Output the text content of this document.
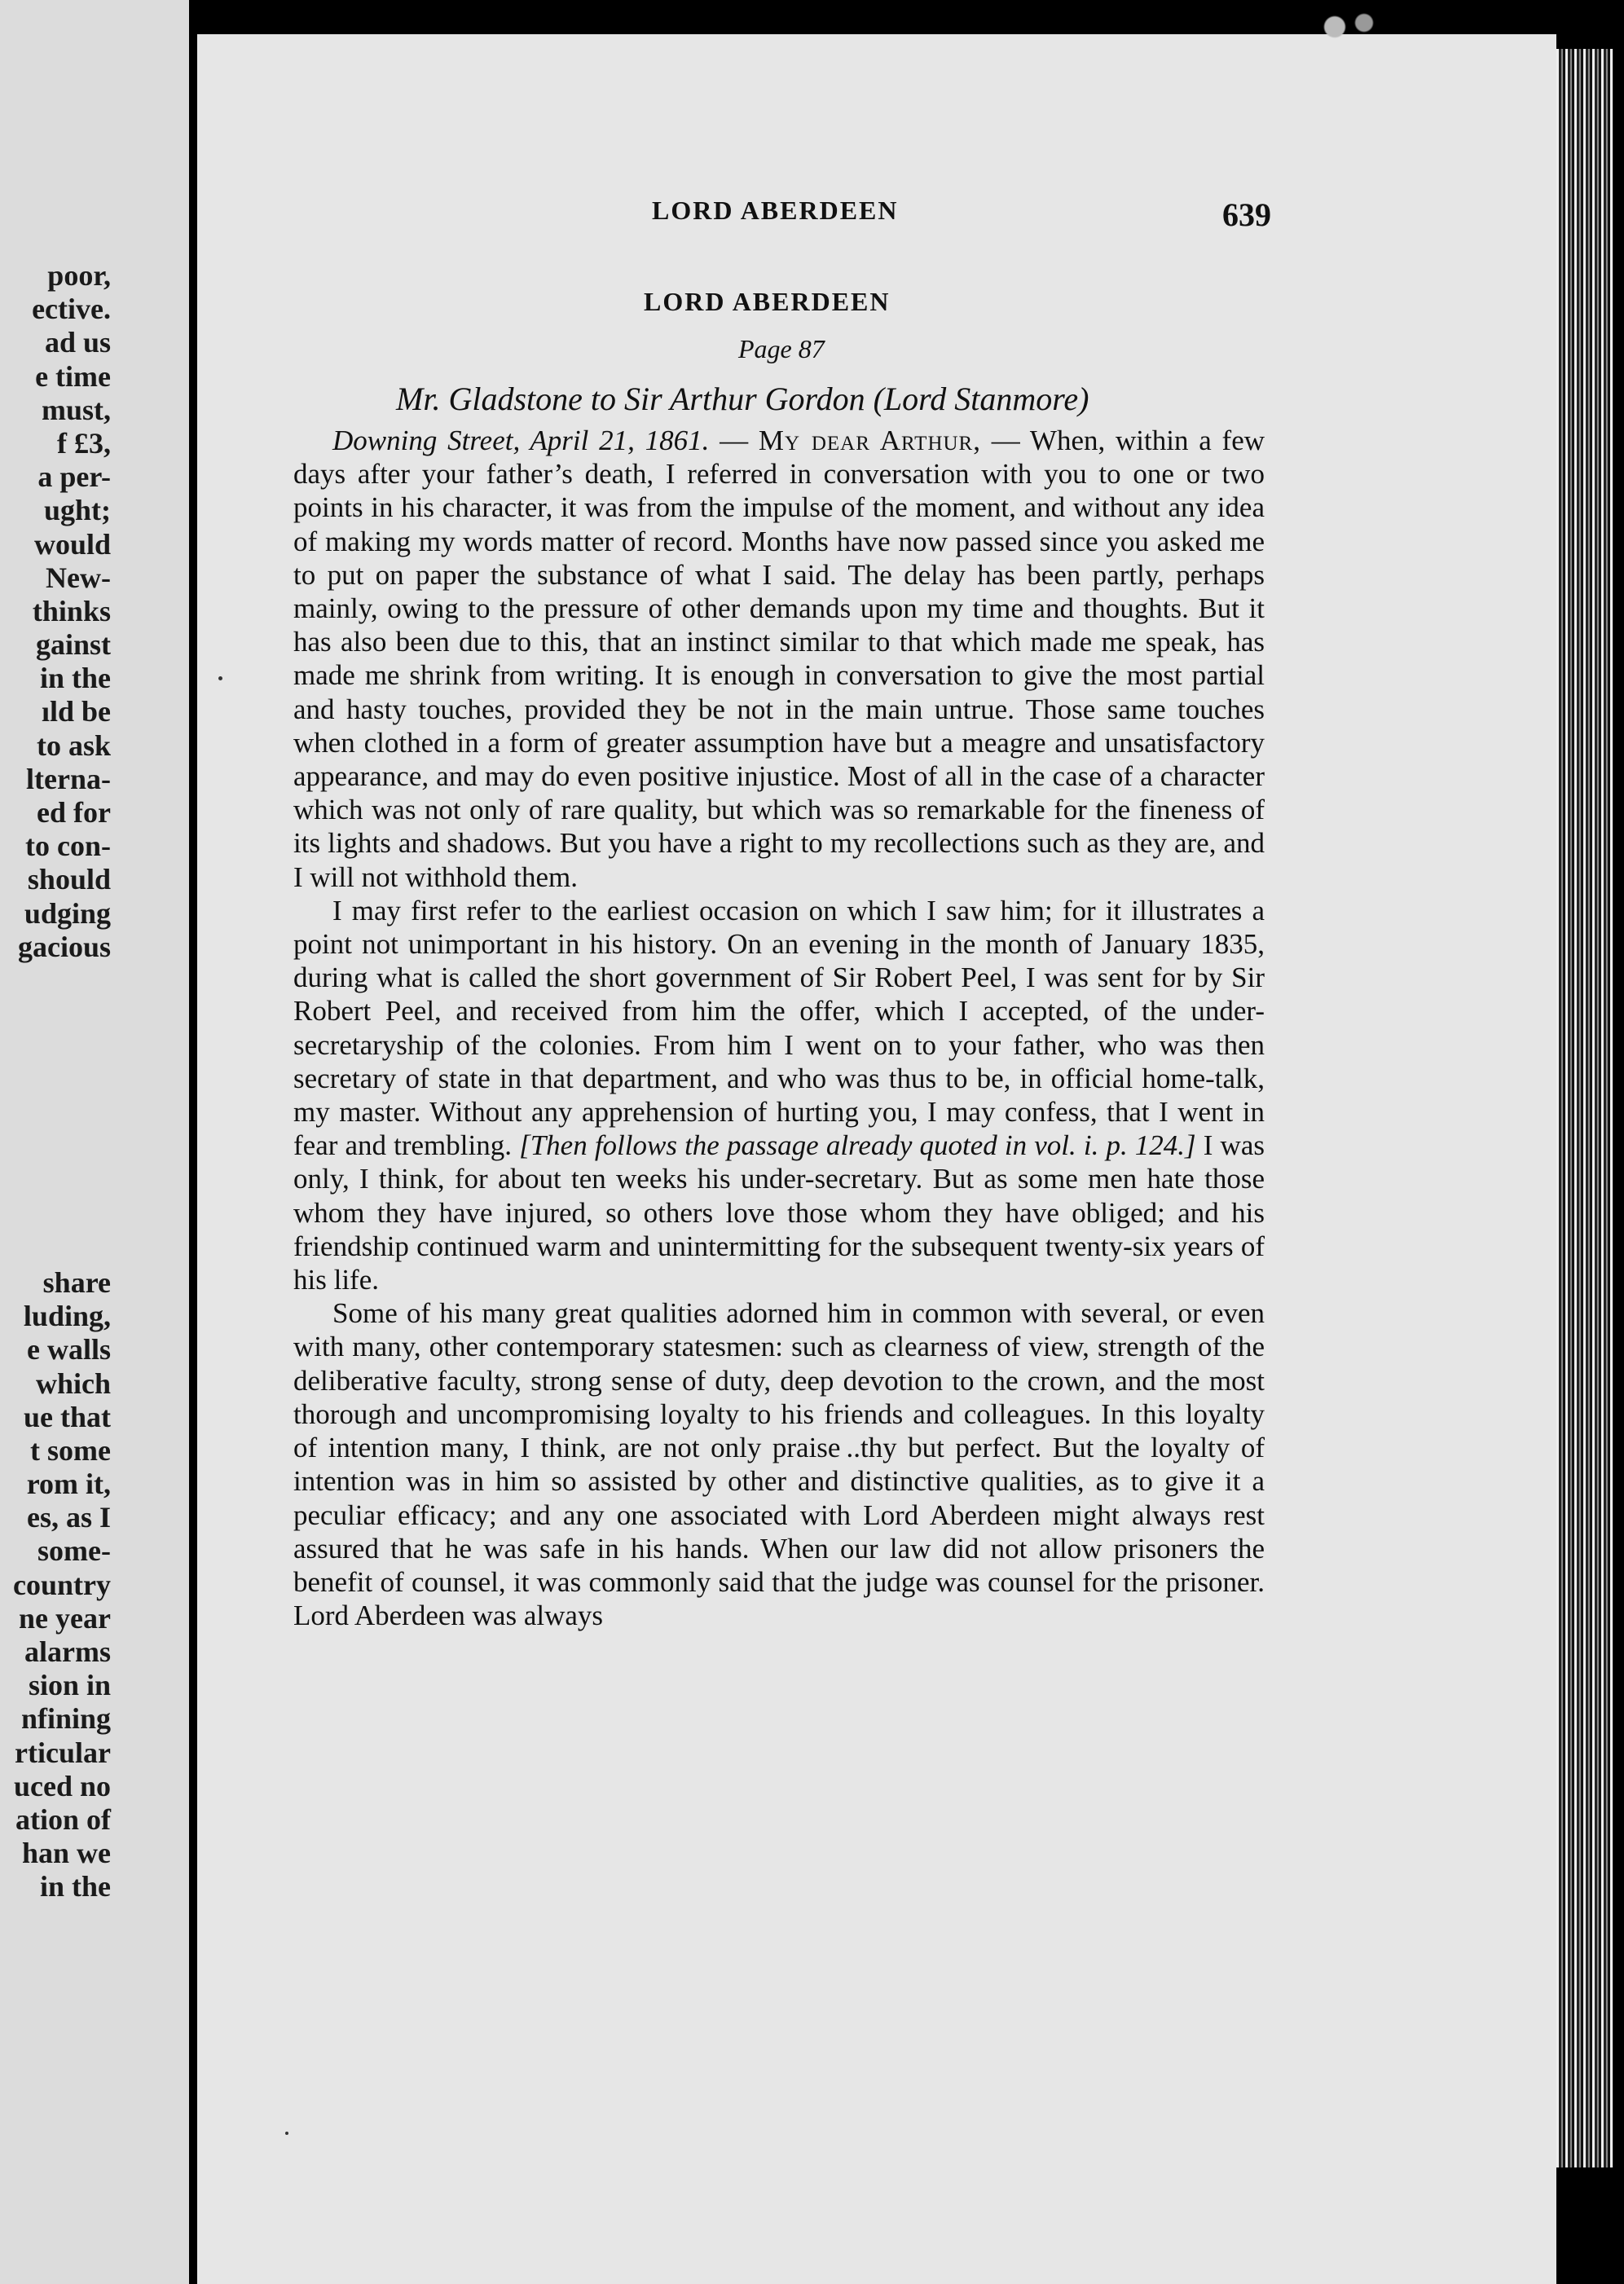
poor,
ective.
ad us
e time
must,
f £3,
a per-
ught;
would
New-
thinks
gainst
in the
ıld be
to ask
lterna-
ed for
to con-
should
udging
gacious
share
luding,
e walls
which
ue that
t some
rom it,
es, as I
some-
country
ne year
alarms
sion in
nfining
rticular
uced no
ation of
han we
in the
LORD ABERDEEN	639
LORD ABERDEEN
Page 87
Mr. Gladstone to Sir Arthur Gordon (Lord Stanmore)

Downing Street, April 21, 1861. — My dear Arthur, — When, within a few days after your father’s death, I referred in conversation with you to one or two points in his character, it was from the impulse of the moment, and without any idea of making my words matter of record. Months have now passed since you asked me to put on paper the substance of what I said. The delay has been partly, perhaps mainly, owing to the pressure of other demands upon my time and thoughts. But it has also been due to this, that an instinct similar to that which made me speak, has made me shrink from writing. It is enough in conversation to give the most partial and hasty touches, provided they be not in the main untrue. Those same touches when clothed in a form of greater assumption have but a meagre and unsatisfactory appearance, and may do even positive injustice. Most of all in the case of a character which was not only of rare quality, but which was so remarkable for the fineness of its lights and shadows. But you have a right to my recollections such as they are, and I will not withhold them.

I may first refer to the earliest occasion on which I saw him; for it illustrates a point not unimportant in his history. On an evening in the month of January 1835, during what is called the short government of Sir Robert Peel, I was sent for by Sir Robert Peel, and received from him the offer, which I accepted, of the under-secretaryship of the colonies. From him I went on to your father, who was then secretary of state in that department, and who was thus to be, in official home-talk, my master. Without any apprehension of hurting you, I may confess, that I went in fear and trembling. [Then follows the passage already quoted in vol. i. p. 124.] I was only, I think, for about ten weeks his under-secretary. But as some men hate those whom they have injured, so others love those whom they have obliged; and his friendship continued warm and unintermitting for the subsequent twenty-six years of his life.

Some of his many great qualities adorned him in common with several, or even with many, other contemporary statesmen: such as clearness of view, strength of the deliberative faculty, strong sense of duty, deep devotion to the crown, and the most thorough and uncompromising loyalty to his friends and colleagues. In this loyalty of intention many, I think, are not only praise ..thy but perfect. But the loyalty of intention was in him so assisted by other and distinctive qualities, as to give it a peculiar efficacy; and any one associated with Lord Aberdeen might always rest assured that he was safe in his hands. When our law did not allow prisoners the benefit of counsel, it was commonly said that the judge was counsel for the prisoner. Lord Aberdeen was always
